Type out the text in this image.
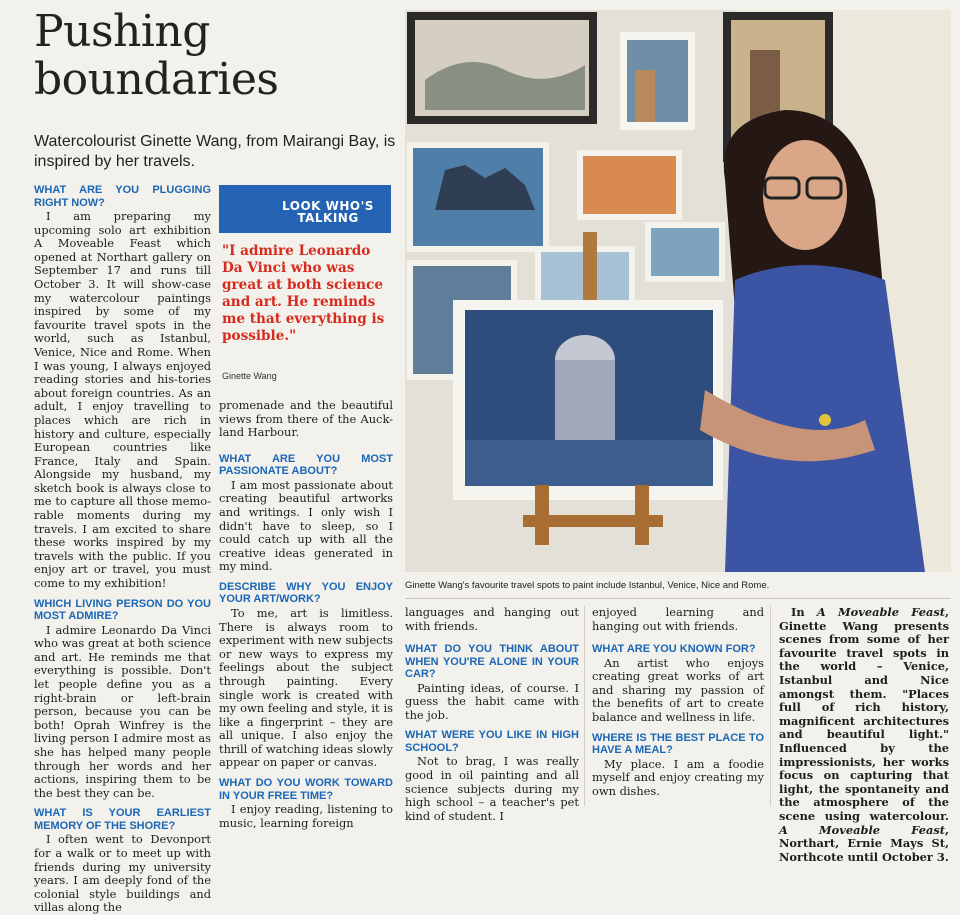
Pushing
boundaries
Watercolourist Ginette Wang, from Mairangi Bay, is inspired by her travels.
WHAT ARE YOU PLUGGING RIGHT NOW?

I am preparing my upcoming solo art exhibition A Moveable Feast which opened at Northart gallery on September 17 and runs till October 3. It will show-case my watercolour paintings inspired by some of my favourite travel spots in the world, such as Istanbul, Venice, Nice and Rome. When I was young, I always enjoyed reading stories and his-tories about foreign countries. As an adult, I enjoy travelling to places which are rich in history and culture, especially European countries like France, Italy and Spain. Alongside my husband, my sketch book is always close to me to capture all those memo-rable moments during my travels. I am excited to share these works inspired by my travels with the public. If you enjoy art or travel, you must come to my exhibition!

WHICH LIVING PERSON DO YOU MOST ADMIRE?

I admire Leonardo Da Vinci who was great at both science and art. He reminds me that everything is possible. Don't let people define you as a right-brain or left-brain person, because you can be both! Oprah Winfrey is the living person I admire most as she has helped many people through her words and her actions, inspiring them to be the best they can be.

WHAT IS YOUR EARLIEST MEMORY OF THE SHORE?

I often went to Devonport for a walk or to meet up with friends during my university years. I am deeply fond of the colonial style buildings and villas along the

LOOK WHO'S
TALKING
"I admire Leonardo Da Vinci who was great at both science and art. He reminds me that everything is possible."
Ginette Wang

promenade and the beautiful views from there of the Auck-land Harbour.

WHAT ARE YOU MOST PASSIONATE ABOUT?

I am most passionate about creating beautiful artworks and writings. I only wish I didn't have to sleep, so I could catch up with all the creative ideas generated in my mind.

DESCRIBE WHY YOU ENJOY YOUR ART/WORK?

To me, art is limitless. There is always room to experiment with new subjects or new ways to express my feelings about the subject through painting. Every single work is created with my own feeling and style, it is like a fingerprint – they are all unique. I also enjoy the thrill of watching ideas slowly appear on paper or canvas.

WHAT DO YOU WORK TOWARD IN YOUR FREE TIME?

I enjoy reading, listening to music, learning foreign

Ginette Wang's favourite travel spots to paint include Istanbul, Venice, Nice and Rome.

languages and hanging out with friends.

WHAT DO YOU THINK ABOUT WHEN YOU'RE ALONE IN YOUR CAR?

Painting ideas, of course. I guess the habit came with the job.

WHAT WERE YOU LIKE IN HIGH SCHOOL?

Not to brag, I was really good in oil painting and all science subjects during my high school – a teacher's pet kind of student. I

enjoyed learning and hanging out with friends.

WHAT ARE YOU KNOWN FOR?

An artist who enjoys creating great works of art and sharing my passion of the benefits of art to create balance and wellness in life.

WHERE IS THE BEST PLACE TO HAVE A MEAL?

My place. I am a foodie myself and enjoy creating my own dishes.

In A Moveable Feast, Ginette Wang presents scenes from some of her favourite travel spots in the world – Venice, Istanbul and Nice amongst them. "Places full of rich history, magnificent architectures and beautiful light." Influenced by the impressionists, her works focus on capturing that light, the spontaneity and the atmosphere of the scene using watercolour. A Moveable Feast, Northart, Ernie Mays St, Northcote until October 3.
